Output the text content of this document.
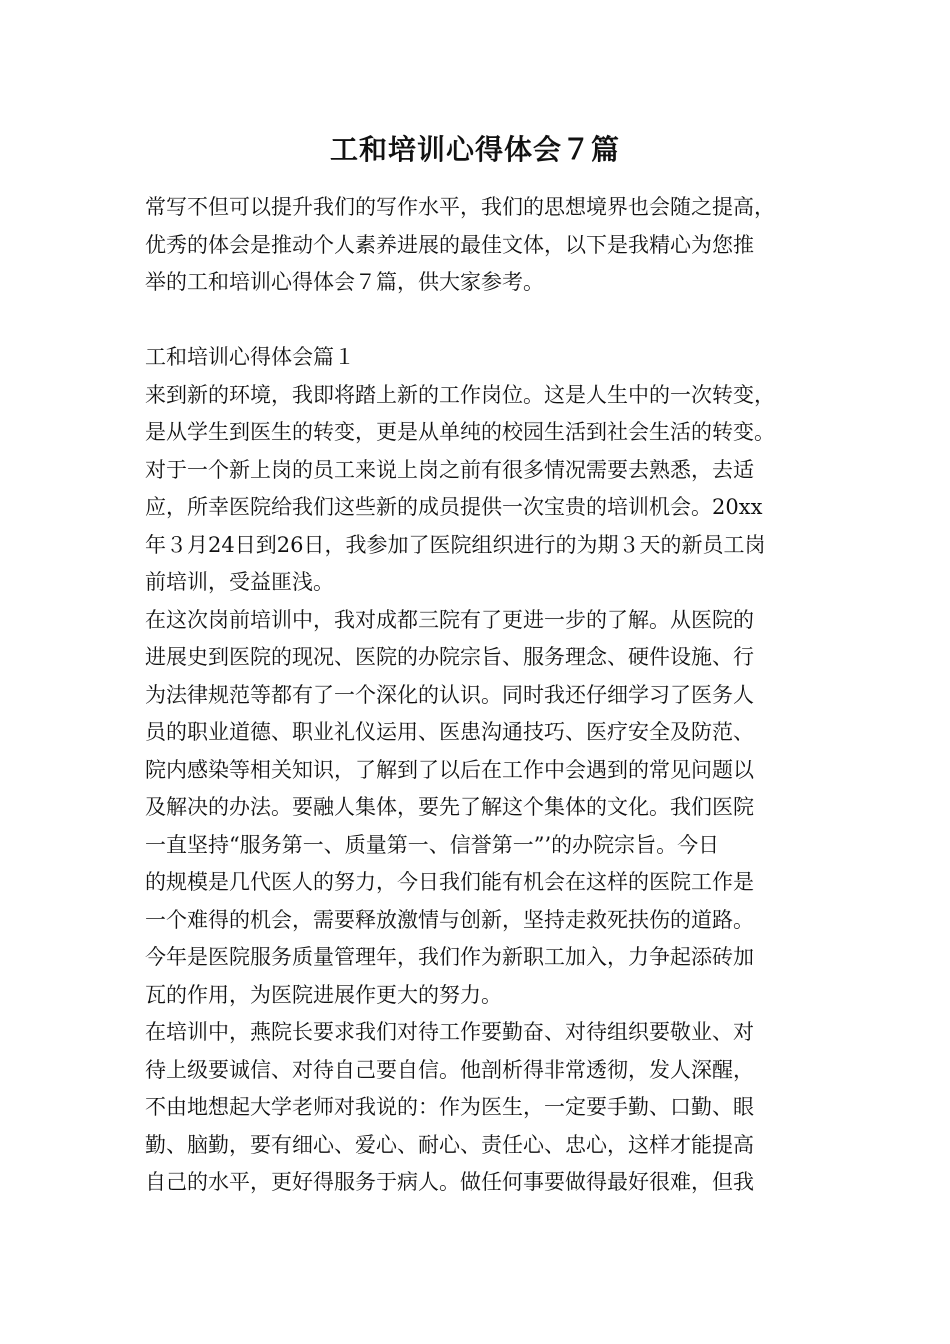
工和培训心得体会７篇
常写不但可以提升我们的写作水平，我们的思想境界也会随之提高，
优秀的体会是推动个人素养进展的最佳文体，以下是我精心为您推
举的工和培训心得体会７篇，供大家参考。
工和培训心得体会篇１
来到新的环境，我即将踏上新的工作岗位。这是人生中的一次转变，
是从学生到医生的转变，更是从单纯的校园生活到社会生活的转变。
对于一个新上岗的员工来说上岗之前有很多情况需要去熟悉，去适
应，所幸医院给我们这些新的成员提供一次宝贵的培训机会。20xx
年３月24日到26日，我参加了医院组织进行的为期３天的新员工岗
前培训，受益匪浅。
在这次岗前培训中，我对成都三院有了更进一步的了解。从医院的
进展史到医院的现况、医院的办院宗旨、服务理念、硬件设施、行
为法律规范等都有了一个深化的认识。同时我还仔细学习了医务人
员的职业道德、职业礼仪运用、医患沟通技巧、医疗安全及防范、
院内感染等相关知识，了解到了以后在工作中会遇到的常见问题以
及解决的办法。要融人集体，要先了解这个集体的文化。我们医院
一直坚持“服务第一、质量第一、信誉第一”’的办院宗旨。今日
的规模是几代医人的努力，今日我们能有机会在这样的医院工作是
一个难得的机会，需要释放激情与创新，坚持走救死扶伤的道路。
今年是医院服务质量管理年，我们作为新职工加入，力争起添砖加
瓦的作用，为医院进展作更大的努力。
在培训中，燕院长要求我们对待工作要勤奋、对待组织要敬业、对
待上级要诚信、对待自己要自信。他剖析得非常透彻，发人深醒，
不由地想起大学老师对我说的：作为医生，一定要手勤、口勤、眼
勤、脑勤，要有细心、爱心、耐心、责任心、忠心，这样才能提高
自己的水平，更好得服务于病人。做任何事要做得最好很难，但我
